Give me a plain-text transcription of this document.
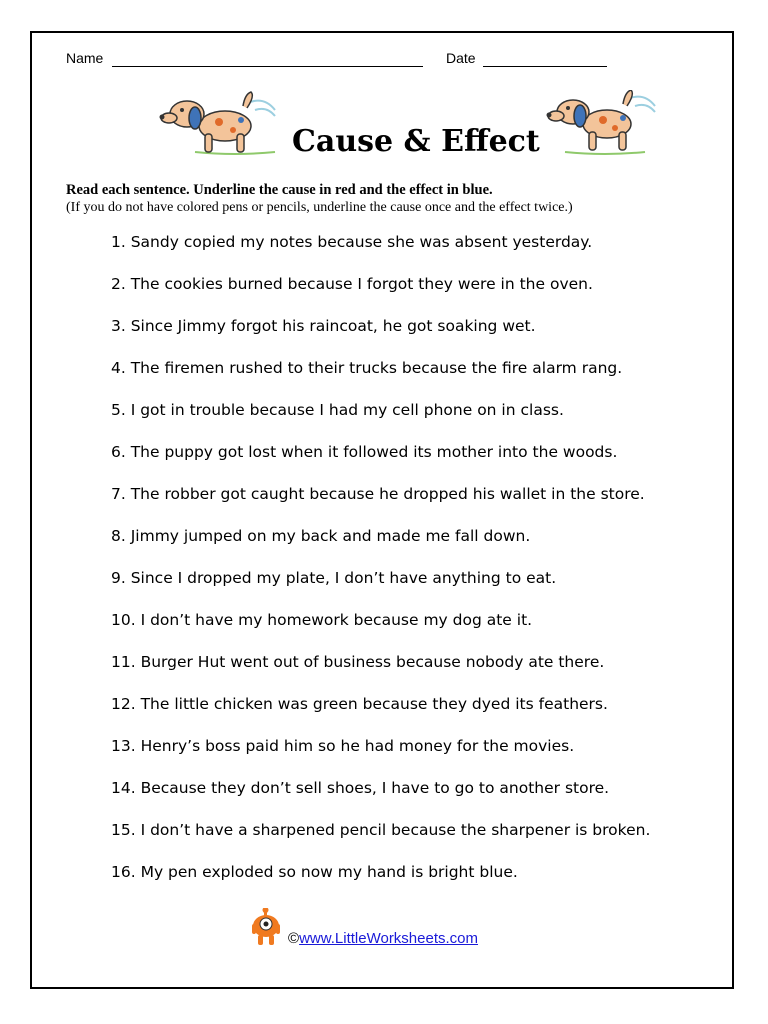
Name	Date
Cause & Effect
Read each sentence. Underline the cause in red and the effect in blue.
(If you do not have colored pens or pencils, underline the cause once and the effect twice.)
1. Sandy copied my notes because she was absent yesterday.
2. The cookies burned because I forgot they were in the oven.
3. Since Jimmy forgot his raincoat, he got soaking wet.
4. The firemen rushed to their trucks because the fire alarm rang.
5. I got in trouble because I had my cell phone on in class.
6. The puppy got lost when it followed its mother into the woods.
7. The robber got caught because he dropped his wallet in the store.
8. Jimmy jumped on my back and made me fall down.
9. Since I dropped my plate, I don’t have anything to eat.
10. I don’t have my homework because my dog ate it.
11. Burger Hut went out of business because nobody ate there.
12. The little chicken was green because they dyed its feathers.
13. Henry’s boss paid him so he had money for the movies.
14. Because they don’t sell shoes, I have to go to another store.
15. I don’t have a sharpened pencil because the sharpener is broken.
16. My pen exploded so now my hand is bright blue.
©www.LittleWorksheets.com
